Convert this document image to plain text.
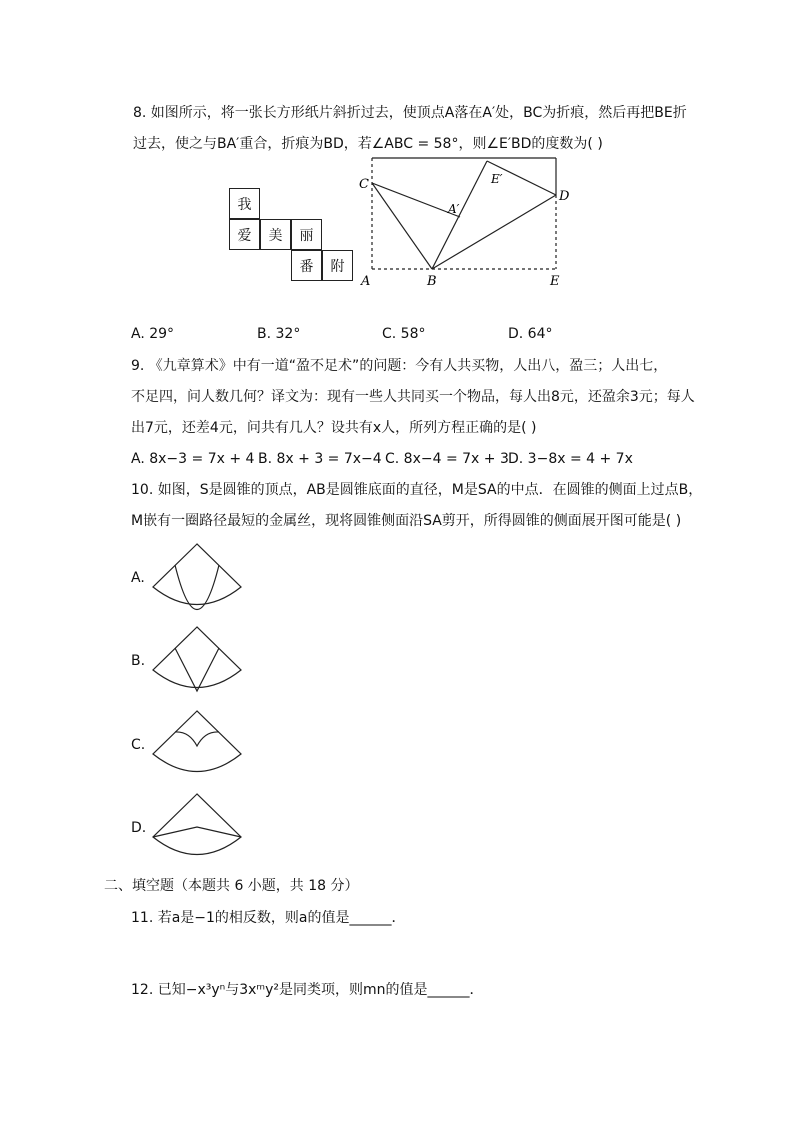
8. 如图所示，将一张长方形纸片斜折过去，使顶点A落在A′处，BC为折痕，然后再把BE折
过去，使之与BA′重合，折痕为BD，若∠ABC = 58°，则∠E′BD的度数为( )
我
爱	美	丽
番	附
C
D
A	B	E
A′
E′
A. 29°	B. 32°	C. 58°	D. 64°
9. 《九章算术》中有一道“盈不足术”的问题：今有人共买物，人出八，盈三；人出七，
不足四，问人数几何？译文为：现有一些人共同买一个物品，每人出8元，还盈余3元；每人
出7元，还差4元，问共有几人？设共有x人，所列方程正确的是( )
A. 8x−3 = 7x + 4 B. 8x + 3 = 7x−4 C. 8x−4 = 7x + 3 D. 3−8x = 4 + 7x
10. 如图，S是圆锥的顶点，AB是圆锥底面的直径，M是SA的中点．在圆锥的侧面上过点B，
M嵌有一圈路径最短的金属丝，现将圆锥侧面沿SA剪开，所得圆锥的侧面展开图可能是( )
A.
B.
C.
D.
二、填空题（本题共 6 小题，共 18 分）
11. 若a是−1的相反数，则a的值是______．
12. 已知−x³yⁿ与3xᵐy²是同类项，则mn的值是______．
